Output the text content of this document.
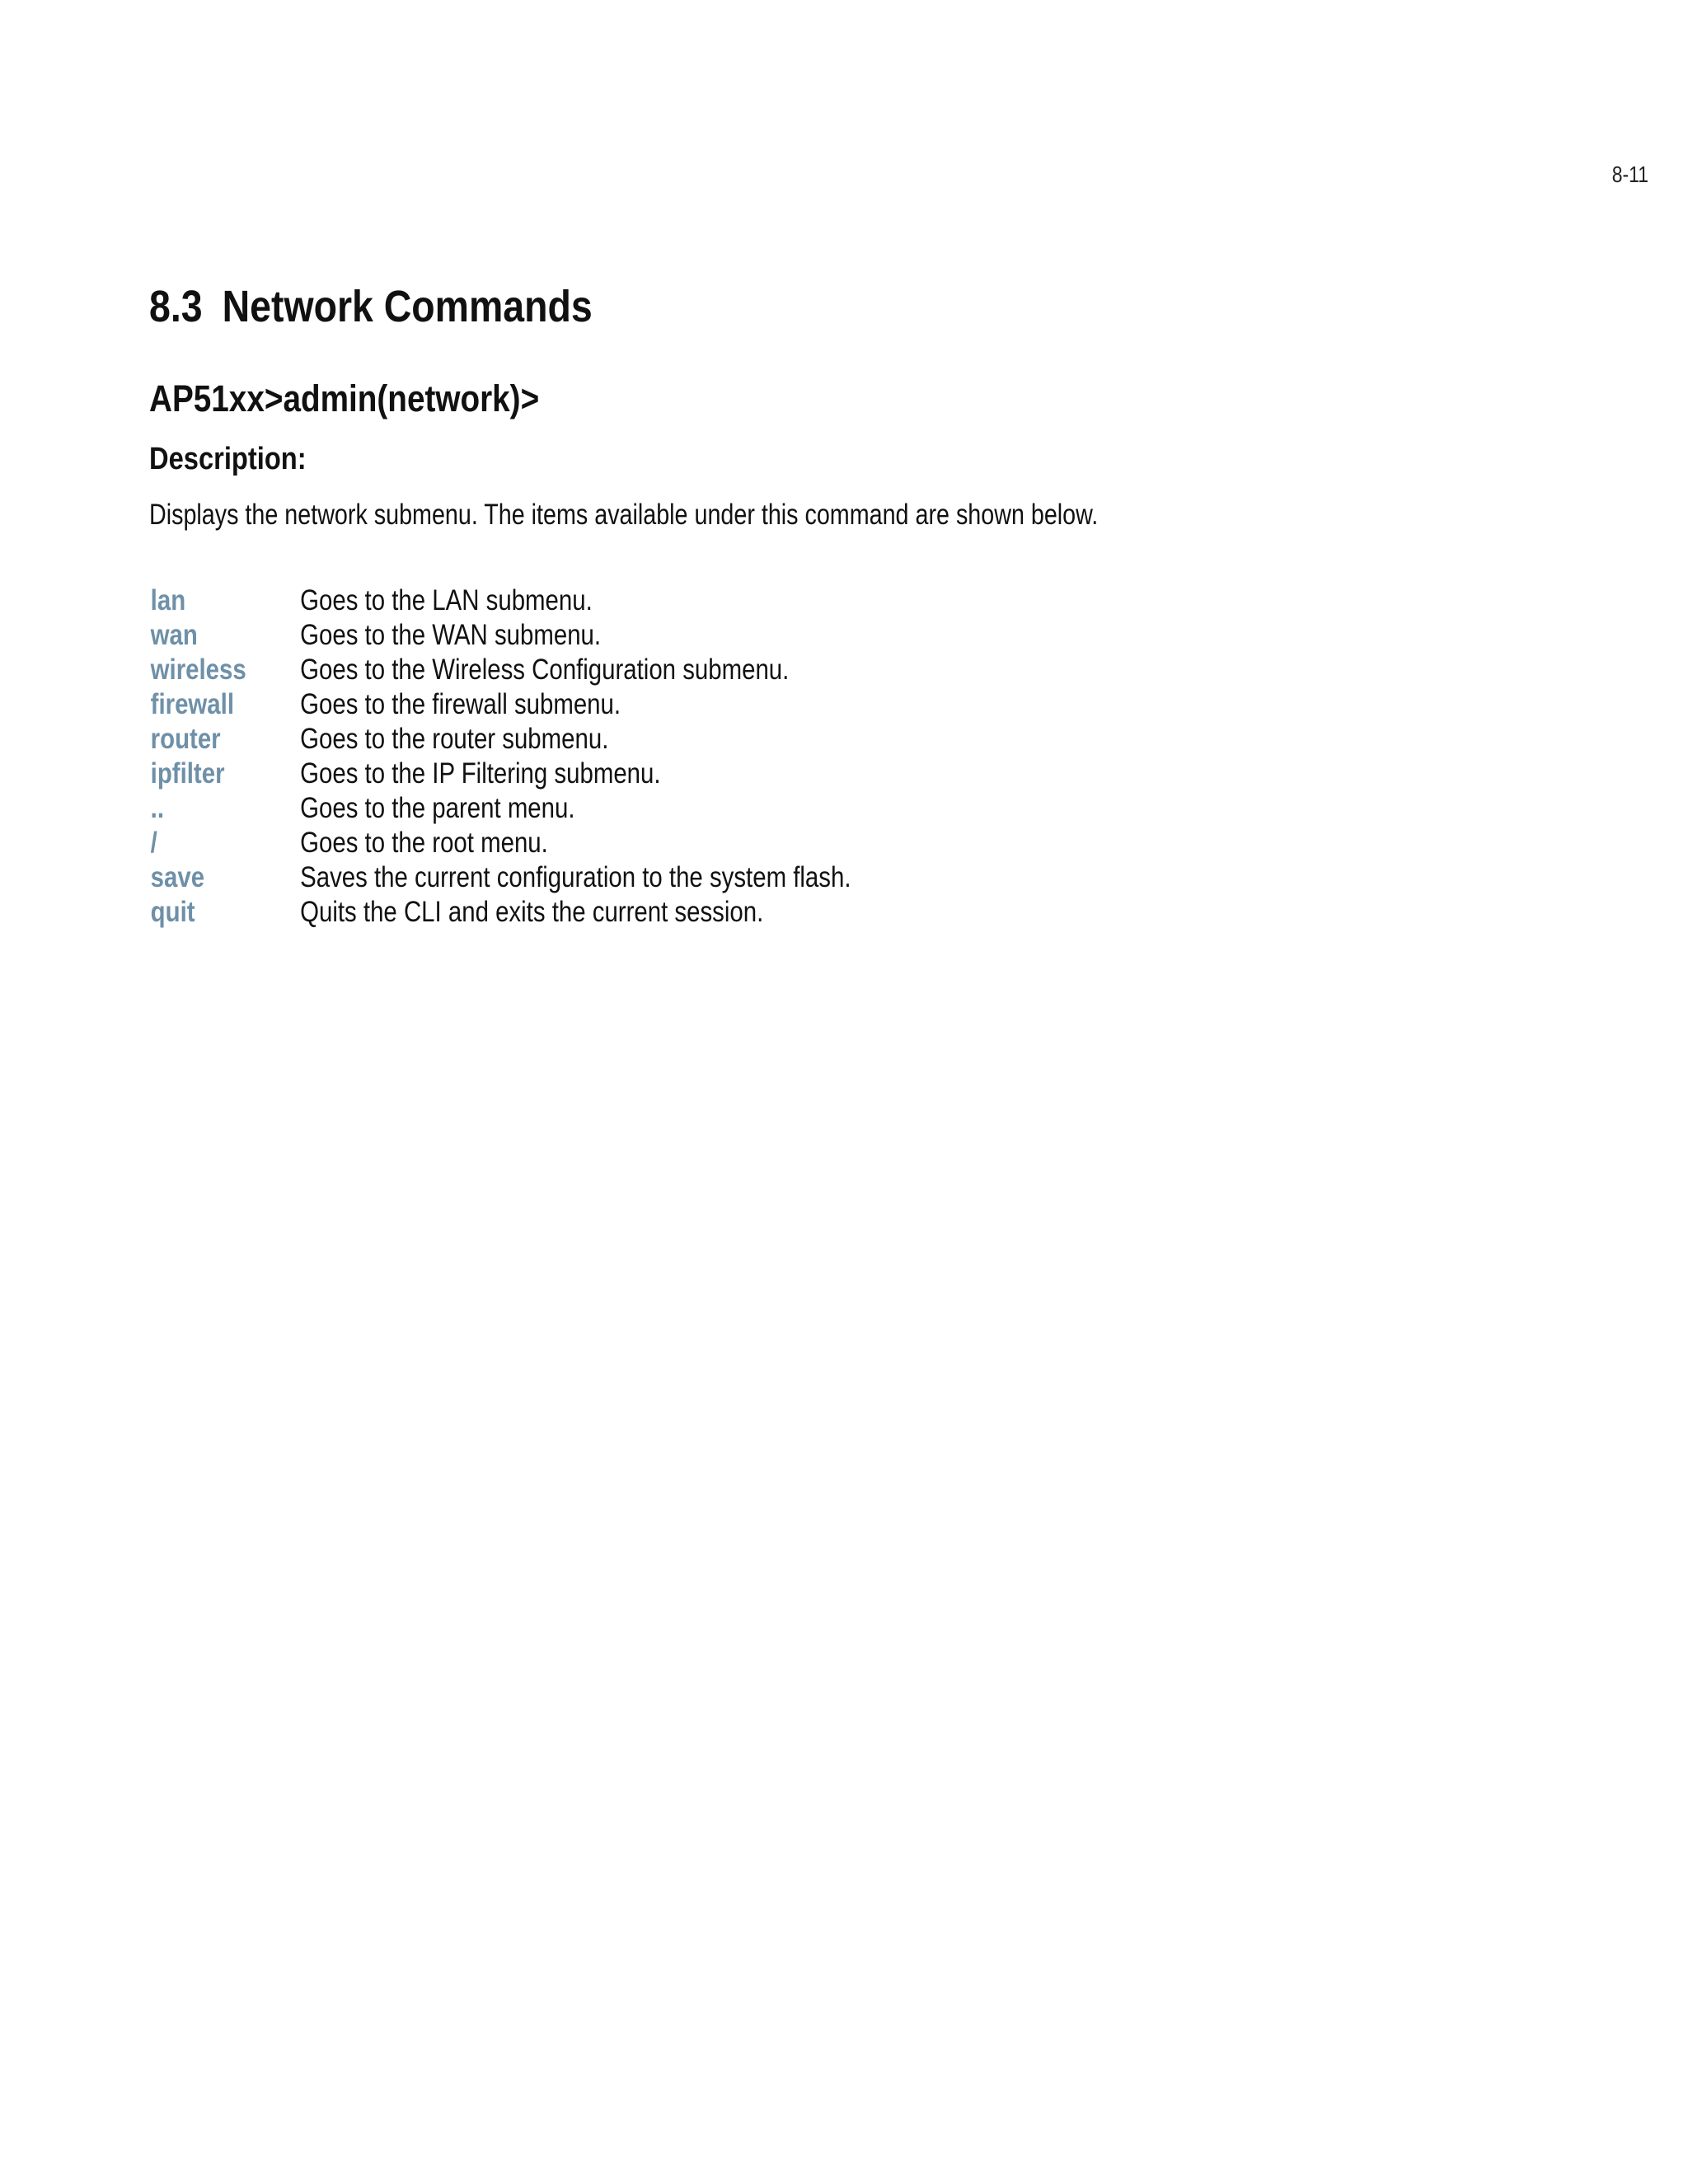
8-11
8.3 Network Commands
AP51xx>admin(network)>
Description:

Displays the network submenu. The items available under this command are shown below.

lan	Goes to the LAN submenu.
wan	Goes to the WAN submenu.
wireless	Goes to the Wireless Configuration submenu.
firewall	Goes to the firewall submenu.
router	Goes to the router submenu.
ipfilter	Goes to the IP Filtering submenu.
..	Goes to the parent menu.
/	Goes to the root menu.
save	Saves the current configuration to the system flash.
quit	Quits the CLI and exits the current session.
